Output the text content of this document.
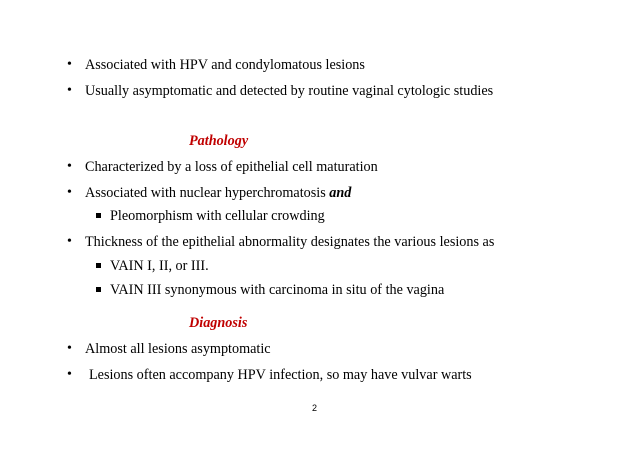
• Associated with HPV and condylomatous lesions
• Usually asymptomatic and detected by routine vaginal cytologic studies
Pathology
• Characterized by a loss of epithelial cell maturation
• Associated with nuclear hyperchromatosis and
Pleomorphism with cellular crowding
• Thickness of the epithelial abnormality designates the various lesions as
VAIN I, II, or III.
VAIN III synonymous with carcinoma in situ of the vagina
Diagnosis
• Almost all lesions asymptomatic
• Lesions often accompany HPV infection, so may have vulvar warts
2
